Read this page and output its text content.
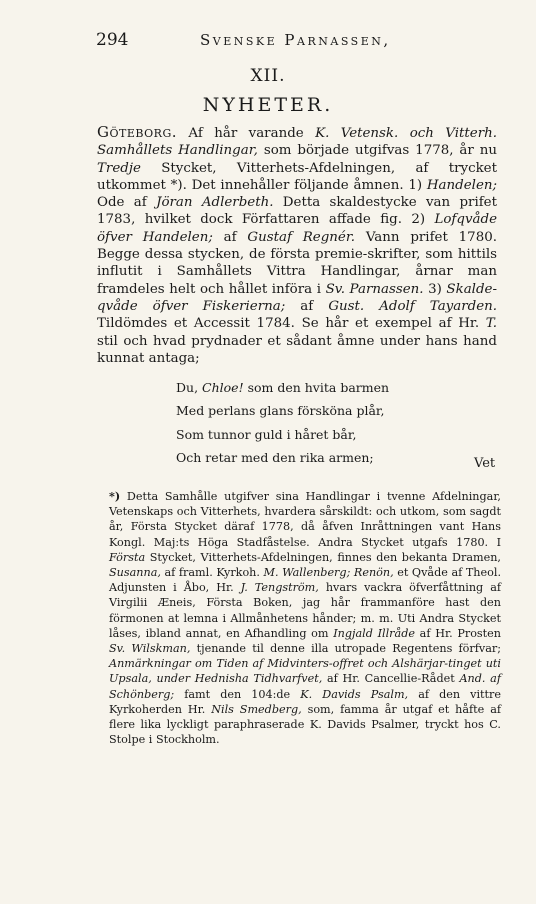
294	Svenske Parnassen,
XII.
NYHETER.

Göteborg. Af hår varande K. Vetensk. och Vitterh. Samhållets Handlingar, som började utgifvas 1778, år nu Tredje Stycket, Vitterhets-Afdelningen, af trycket utkommet *). Det innehåller följande åmnen. 1) Handelen; Ode af Jöran Adlerbeth. Detta skaldestycke van prifet 1783, hvilket dock Författaren affade fig. 2) Lofqvåde öfver Handelen; af Gustaf Regnér. Vann prifet 1780. Begge dessa stycken, de första premie-skrifter, som hittils influtit i Samhållets Vittra Handlingar, årnar man framdeles helt och hållet införa i Sv. Parnassen. 3) Skalde-qvåde öfver Fiskerierna; af Gust. Adolf Tayarden. Tildömdes et Accessit 1784. Se hår et exempel af Hr. T. stil och hvad prydnader et sådant åmne under hans hand kunnat antaga;

Du, Chloe! som den hvita barmen
Med perlans glans försköna plår,
Som tunnor guld i håret bår,
Och retar med den rika armen;	Vet

*) Detta Samhålle utgifver sina Handlingar i tvenne Afdelningar, Vetenskaps och Vitterhets, hvardera sårskildt: och utkom, som sagdt år, Första Stycket däraf 1778, då åfven Inråttningen vant Hans Kongl. Maj:ts Höga Stadfåstelse. Andra Stycket utgafs 1780. I Första Stycket, Vitterhets-Afdelningen, finnes den bekanta Dramen, Susanna, af framl. Kyrkoh. M. Wallenberg; Renön, et Qvåde af Theol. Adjunsten i Åbo, Hr. J. Tengström, hvars vackra öfverfåttning af Virgilii Æneis, Första Boken, jag hår frammanföre hast den förmonen at lemna i Allmånhetens hånder; m. m. Uti Andra Stycket låses, ibland annat, en Afhandling om Ingjald Illråde af Hr. Prosten Sv. Wilskman, tjenande til denne illa utropade Regentens förfvar; Anmärkningar om Tiden af Midvinters-offret och Alshärjar-tinget uti Upsala, under Hednisha Tidhvarfvet, af Hr. Cancellie-Rådet And. af Schönberg; famt den 104:de K. Davids Psalm, af den vittre Kyrkoherden Hr. Nils Smedberg, som, famma år utgaf et håfte af flere lika lyckligt paraphraserade K. Davids Psalmer, tryckt hos C. Stolpe i Stockholm.
